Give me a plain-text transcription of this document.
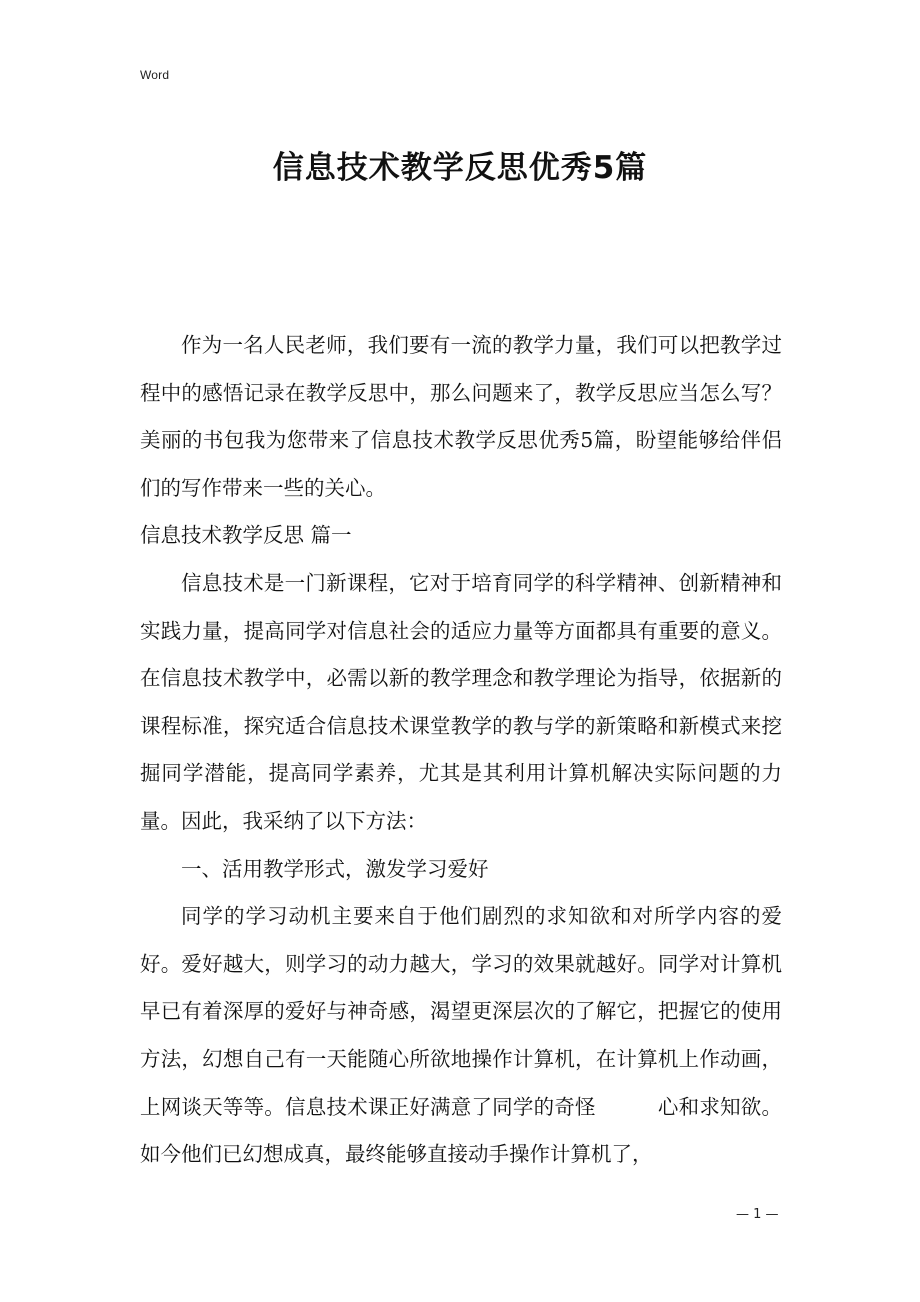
Word
信息技术教学反思优秀5篇

作为一名人民老师，我们要有一流的教学力量，我们可以把教学过程中的感悟记录在教学反思中，那么问题来了，教学反思应当怎么写？美丽的书包我为您带来了信息技术教学反思优秀5篇，盼望能够给伴侣们的写作带来一些的关心。

信息技术教学反思 篇一

信息技术是一门新课程，它对于培育同学的科学精神、创新精神和实践力量，提高同学对信息社会的适应力量等方面都具有重要的意义。在信息技术教学中，必需以新的教学理念和教学理论为指导，依据新的课程标准，探究适合信息技术课堂教学的教与学的新策略和新模式来挖掘同学潜能，提高同学素养，尤其是其利用计算机解决实际问题的力量。因此，我采纳了以下方法：

一、活用教学形式，激发学习爱好

同学的学习动机主要来自于他们剧烈的求知欲和对所学内容的爱好。爱好越大，则学习的动力越大，学习的效果就越好。同学对计算机早已有着深厚的爱好与神奇感，渴望更深层次的了解它，把握它的使用方法，幻想自己有一天能随心所欲地操作计算机，在计算机上作动画，上网谈天等等。信息技术课正好满意了同学的奇怪　　　心和求知欲。如今他们已幻想成真，最终能够直接动手操作计算机了，

— 1 —
